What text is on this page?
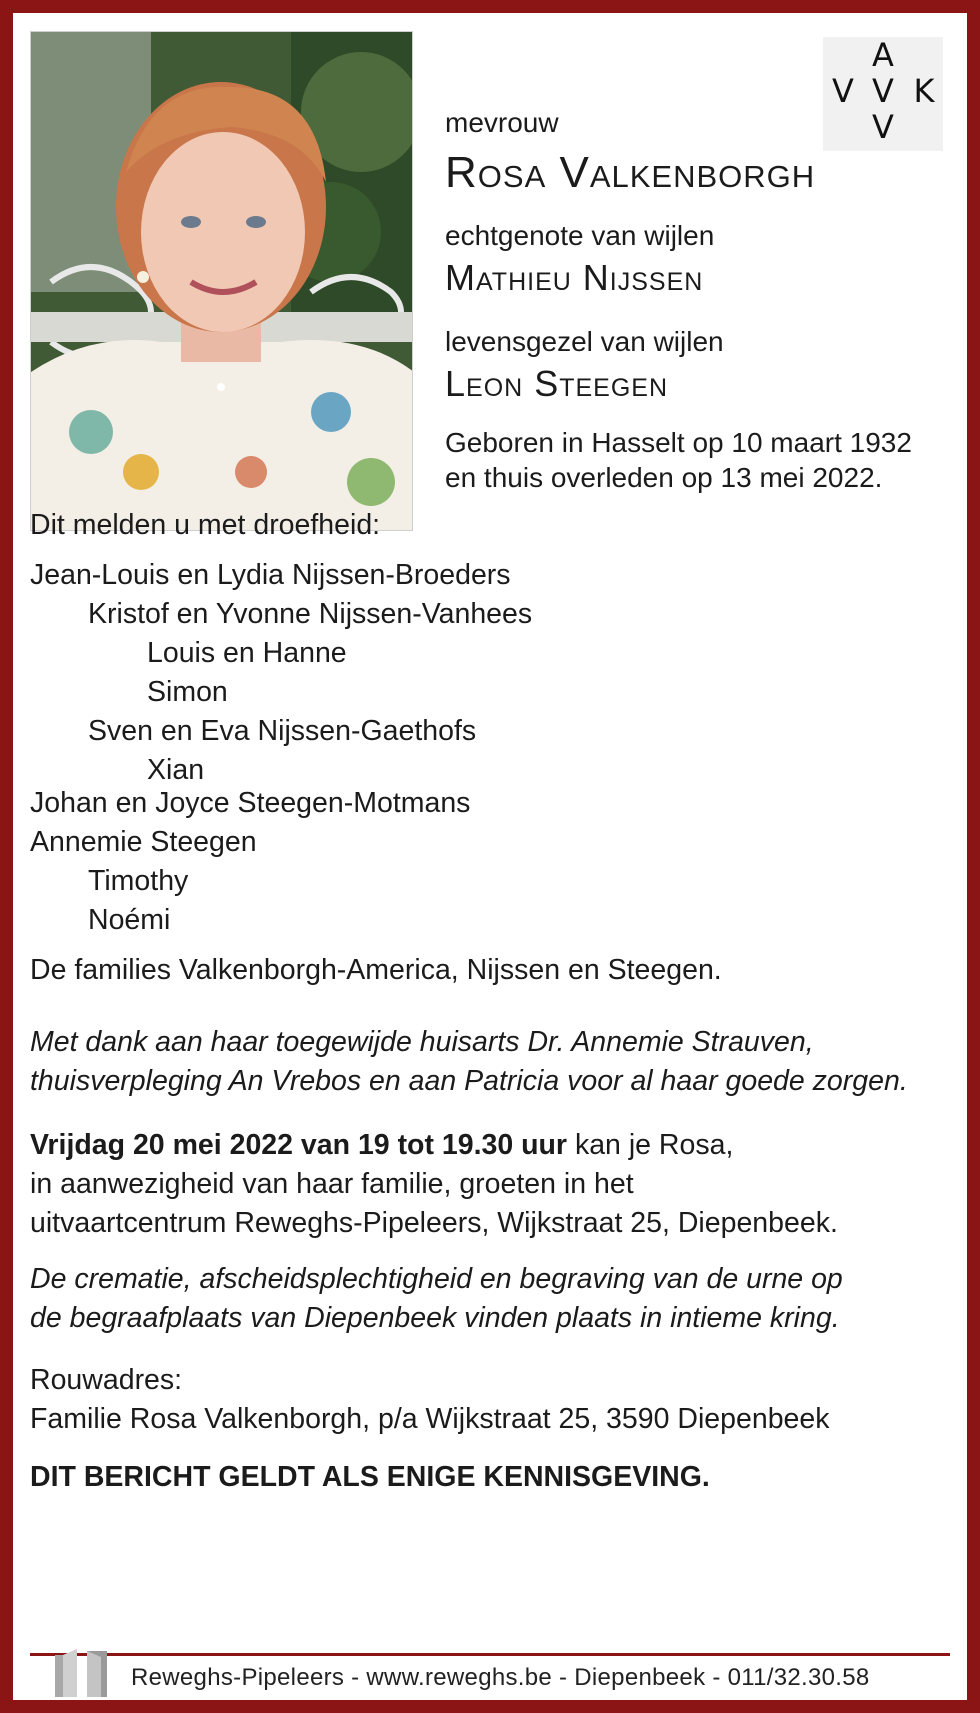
A
V V K
V

mevrouw

Rosa Valkenborgh

echtgenote van wijlen

Mathieu Nijssen

levensgezel van wijlen

Leon Steegen

Geboren in Hasselt op 10 maart 1932

en thuis overleden op 13 mei 2022.

Dit melden u met droefheid:

Jean-Louis en Lydia Nijssen-Broeders
Kristof en Yvonne Nijssen-Vanhees
Louis en Hanne
Simon
Sven en Eva Nijssen-Gaethofs
Xian
Johan en Joyce Steegen-Motmans
Annemie Steegen
Timothy
Noémi

De families Valkenborgh-America, Nijssen en Steegen.

Met dank aan haar toegewijde huisarts Dr. Annemie Strauven,
thuisverpleging An Vrebos en aan Patricia voor al haar goede zorgen.
Vrijdag 20 mei 2022 van 19 tot 19.30 uur kan je Rosa,
in aanwezigheid van haar familie, groeten in het
uitvaartcentrum Reweghs-Pipeleers, Wijkstraat 25, Diepenbeek.
De crematie, afscheidsplechtigheid en begraving van de urne op
de begraafplaats van Diepenbeek vinden plaats in intieme kring.
Rouwadres:
Familie Rosa Valkenborgh, p/a Wijkstraat 25, 3590 Diepenbeek

DIT BERICHT GELDT ALS ENIGE KENNISGEVING.

Reweghs-Pipeleers - www.reweghs.be - Diepenbeek - 011/32.30.58
